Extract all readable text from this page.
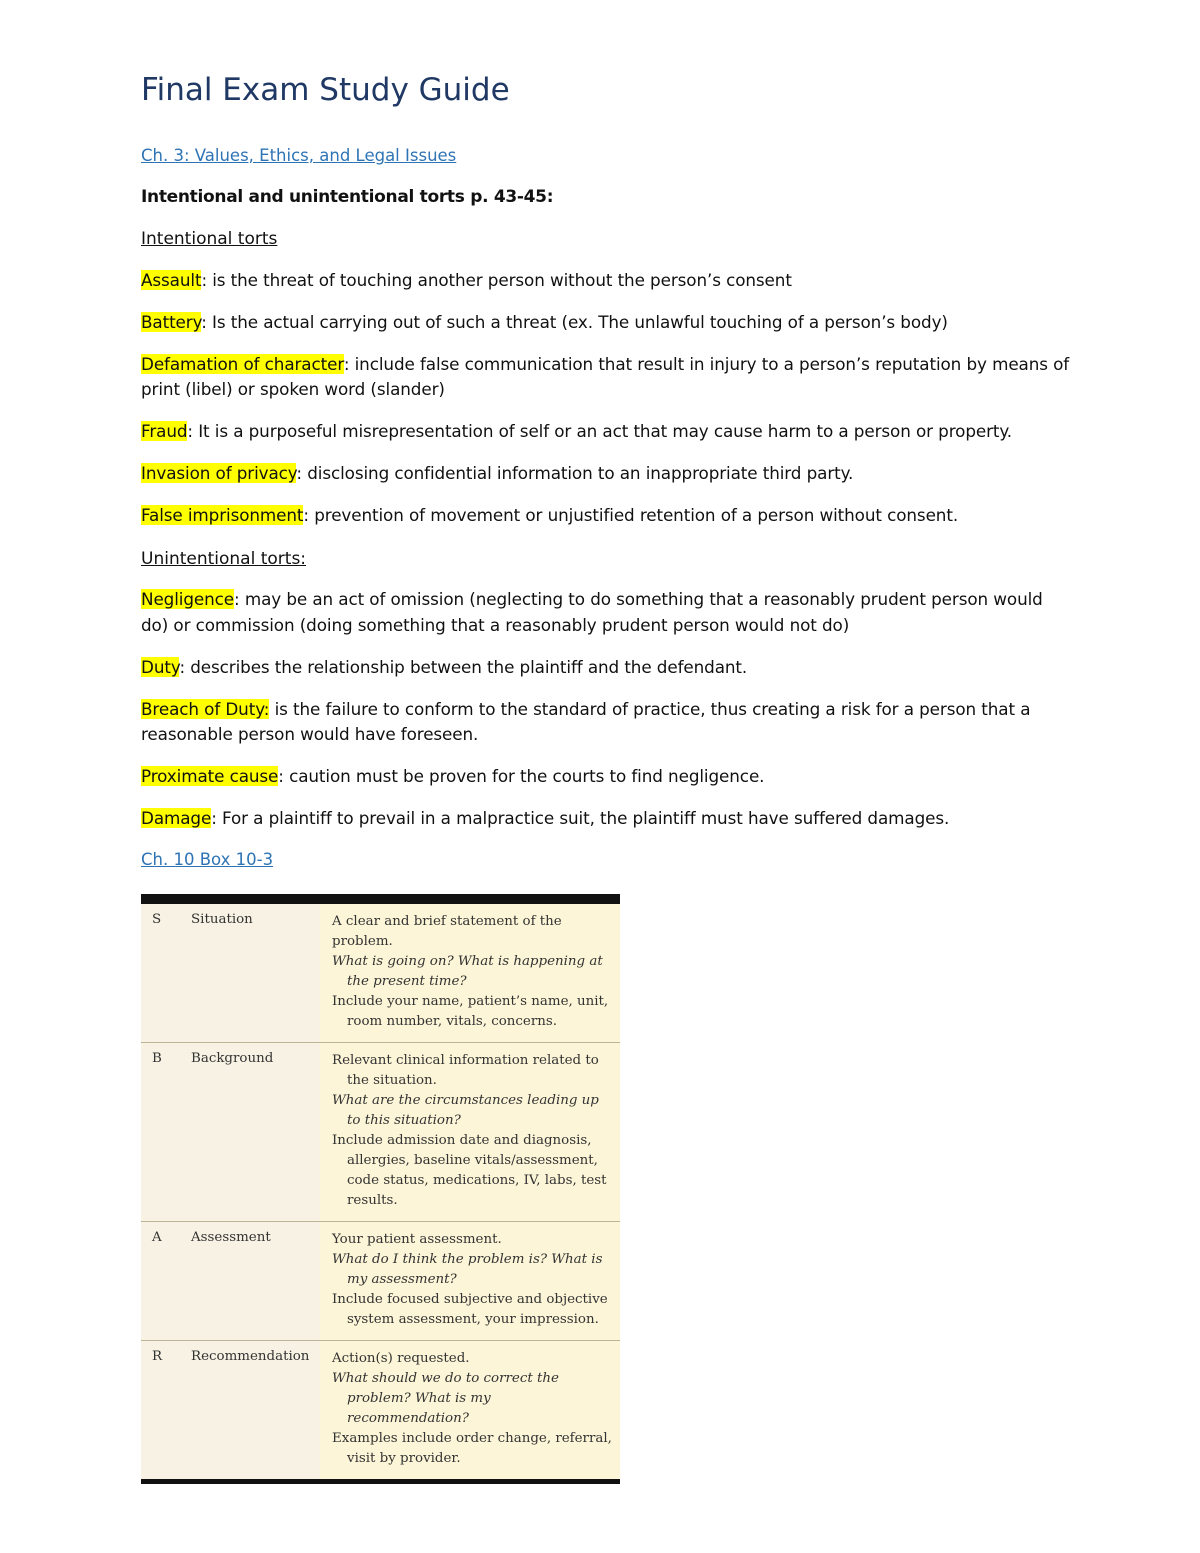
Final Exam Study Guide
Ch. 3: Values, Ethics, and Legal Issues
Intentional and unintentional torts p. 43-45:
Intentional torts

Assault: is the threat of touching another person without the person’s consent

Battery: Is the actual carrying out of such a threat (ex. The unlawful touching of a person’s body)

Defamation of character: include false communication that result in injury to a person’s reputation by means of print (libel) or spoken word (slander)

Fraud: It is a purposeful misrepresentation of self or an act that may cause harm to a person or property.

Invasion of privacy: disclosing confidential information to an inappropriate third party.

False imprisonment: prevention of movement or unjustified retention of a person without consent.

Unintentional torts:

Negligence: may be an act of omission (neglecting to do something that a reasonably prudent person would do) or commission (doing something that a reasonably prudent person would not do)

Duty: describes the relationship between the plaintiff and the defendant.

Breach of Duty: is the failure to conform to the standard of practice, thus creating a risk for a person that a reasonable person would have foreseen.

Proximate cause: caution must be proven for the courts to find negligence.

Damage: For a plaintiff to prevail in a malpractice suit, the plaintiff must have suffered damages.

Ch. 10 Box 10-3
S	Situation	A clear and brief statement of the problem.
What is going on? What is happening at the present time?
Include your name, patient’s name, unit, room number, vitals, concerns.
B	Background	Relevant clinical information related to the situation.
What are the circumstances leading up to this situation?
Include admission date and diagnosis, allergies, baseline vitals/assessment, code status, medications, IV, labs, test results.
A	Assessment	Your patient assessment.
What do I think the problem is? What is my assessment?
Include focused subjective and objective system assessment, your impression.
R	Recommendation	Action(s) requested.
What should we do to correct the problem? What is my recommendation?
Examples include order change, referral, visit by provider.
